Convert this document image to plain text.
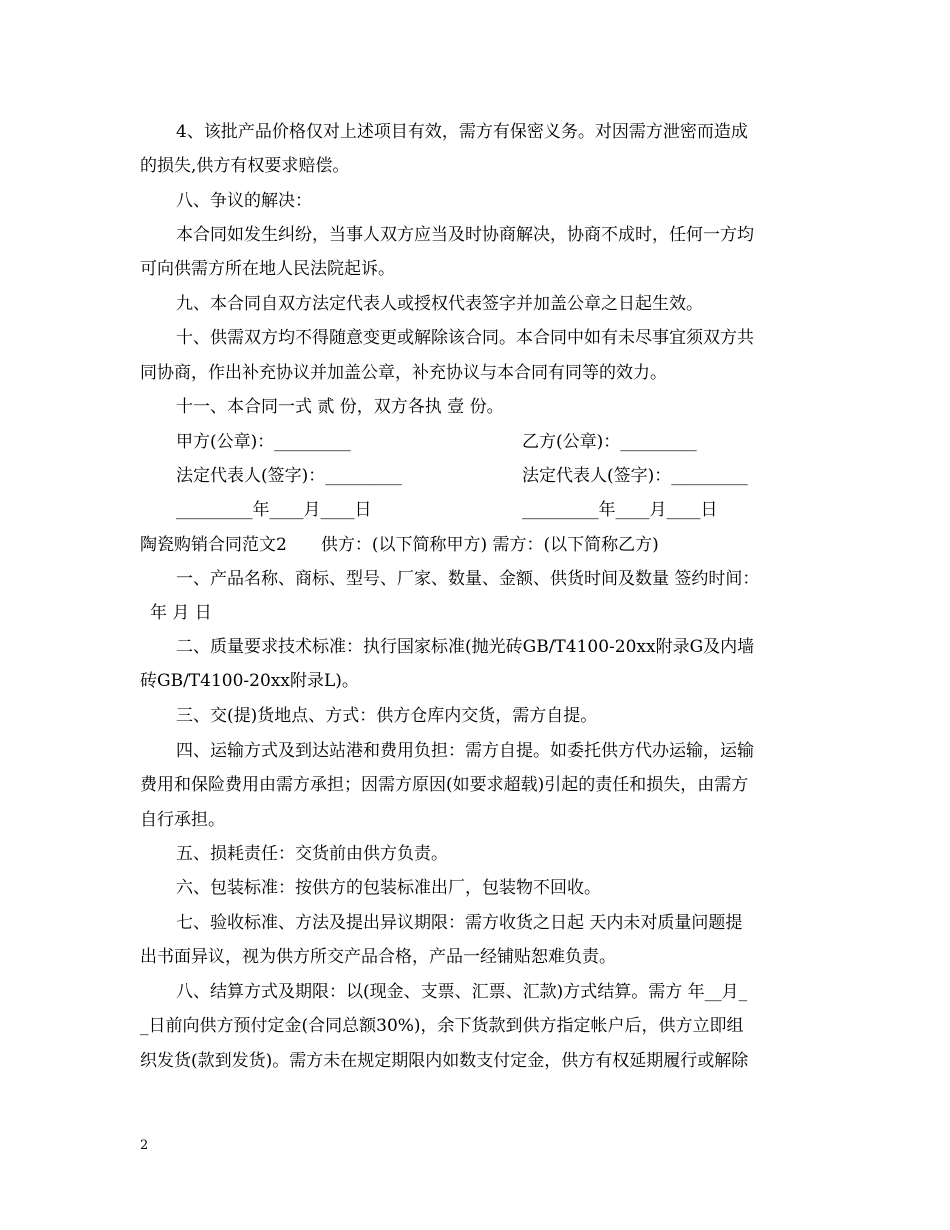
4、该批产品价格仅对上述项目有效，需方有保密义务。对因需方泄密而造成
的损失,供方有权要求赔偿。
八、争议的解决：
本合同如发生纠纷，当事人双方应当及时协商解决，协商不成时，任何一方均
可向供需方所在地人民法院起诉。
九、本合同自双方法定代表人或授权代表签字并加盖公章之日起生效。
十、供需双方均不得随意变更或解除该合同。本合同中如有未尽事宜须双方共
同协商，作出补充协议并加盖公章，补充协议与本合同有同等的效力。
十一、本合同一式 贰 份，双方各执 壹 份。
甲方(公章)：_________	乙方(公章)：_________
法定代表人(签字)：_________	法定代表人(签字)：_________
_________年____月____日	_________年____月____日
陶瓷购销合同范文2　　供方：(以下简称甲方) 需方：(以下简称乙方)
一、产品名称、商标、型号、厂家、数量、金额、供货时间及数量 签约时间：
年 月 日
二、质量要求技术标准：执行国家标准(抛光砖GB/T4100-20xx附录G及内墙
砖GB/T4100-20xx附录L)。
三、交(提)货地点、方式：供方仓库内交货，需方自提。
四、运输方式及到达站港和费用负担：需方自提。如委托供方代办运输，运输
费用和保险费用由需方承担；因需方原因(如要求超载)引起的责任和损失，由需方
自行承担。
五、损耗责任：交货前由供方负责。
六、包装标准：按供方的包装标准出厂，包装物不回收。
七、验收标准、方法及提出异议期限：需方收货之日起 天内未对质量问题提
出书面异议，视为供方所交产品合格，产品一经铺贴恕难负责。
八、结算方式及期限：以(现金、支票、汇票、汇款)方式结算。需方 年__月_
_日前向供方预付定金(合同总额30%)，余下货款到供方指定帐户后，供方立即组
织发货(款到发货)。需方未在规定期限内如数支付定金，供方有权延期履行或解除
2
